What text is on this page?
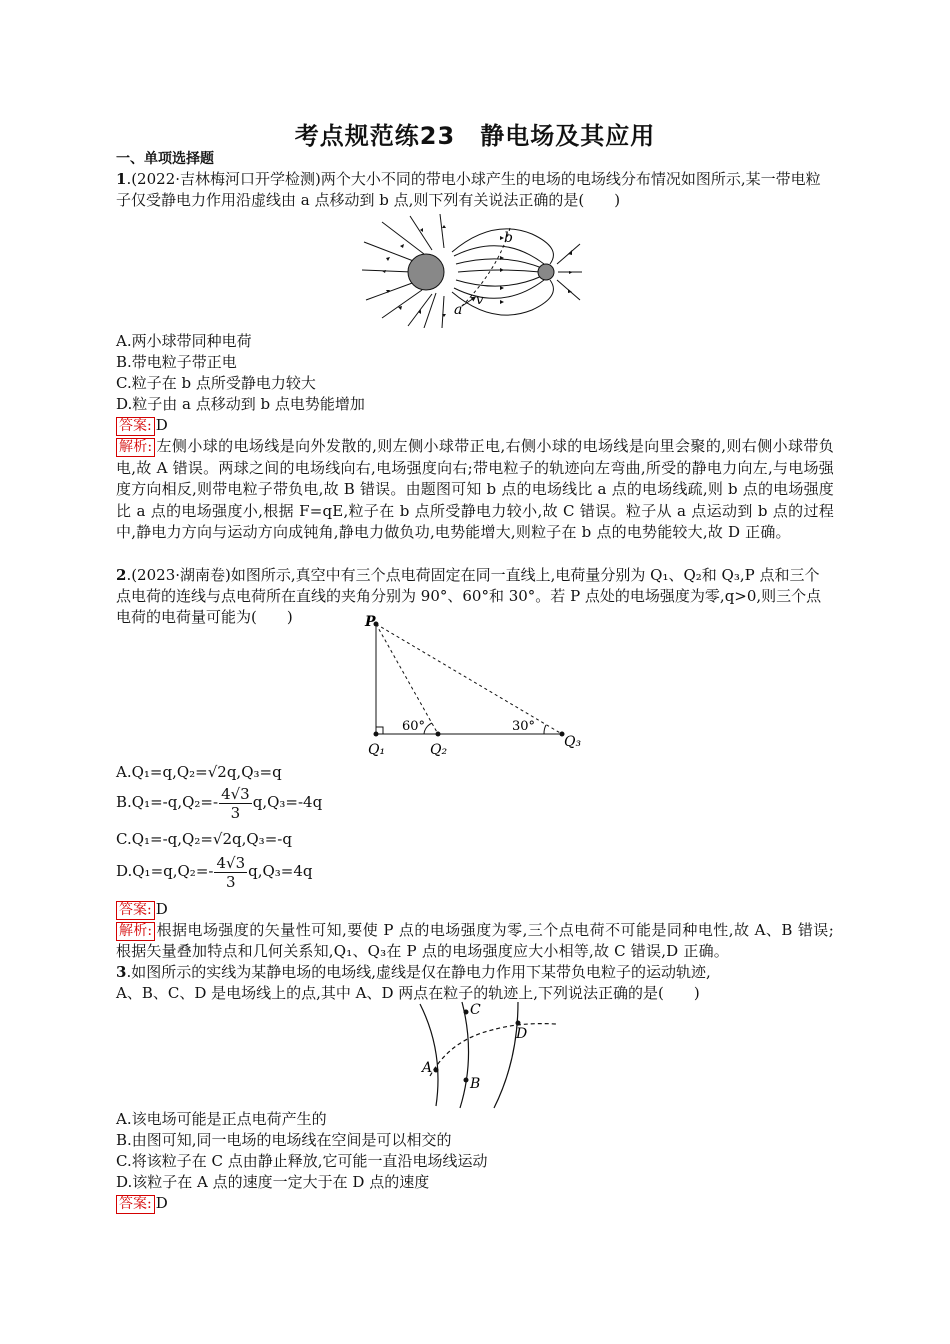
考点规范练23　静电场及其应用
一、单项选择题
1.(2022·吉林梅河口开学检测)两个大小不同的带电小球产生的电场的电场线分布情况如图所示,某一带电粒子仅受静电力作用沿虚线由 a 点移动到 b 点,则下列有关说法正确的是(　　)
b
a
v
A.两小球带同种电荷
B.带电粒子带正电
C.粒子在 b 点所受静电力较大
D.粒子由 a 点移动到 b 点电势能增加
答案: D
解析: 左侧小球的电场线是向外发散的,则左侧小球带正电,右侧小球的电场线是向里会聚的,则右侧小球带负电,故 A 错误。两球之间的电场线向右,电场强度向右;带电粒子的轨迹向左弯曲,所受的静电力向左,与电场强度方向相反,则带电粒子带负电,故 B 错误。由题图可知 b 点的电场线比 a 点的电场线疏,则 b 点的电场强度比 a 点的电场强度小,根据 F=qE,粒子在 b 点所受静电力较小,故 C 错误。粒子从 a 点运动到 b 点的过程中,静电力方向与运动方向成钝角,静电力做负功,电势能增大,则粒子在 b 点的电势能较大,故 D 正确。
2.(2023·湖南卷)如图所示,真空中有三个点电荷固定在同一直线上,电荷量分别为 Q₁、Q₂和 Q₃,P 点和三个点电荷的连线与点电荷所在直线的夹角分别为 90°、60°和 30°。若 P 点处的电场强度为零,q>0,则三个点电荷的电荷量可能为(　　)	P
60°	30°
Q₁	Q₂	Q₃
A.Q₁=q,Q₂=√2q,Q₃=q
$B.Q_1=-q,Q_2=- \frac{4√3}{3} q,Q_3=-4q$
C.Q₁=-q,Q₂=√2q,Q₃=-q
$D.Q_1=q,Q_2=- \frac{4√3}{3} q,Q_3=4q$
答案: D
解析: 根据电场强度的矢量性可知,要使 P 点的电场强度为零,三个点电荷不可能是同种电性,故 A、B 错误;根据矢量叠加特点和几何关系知,Q₁、Q₃在 P 点的电场强度应大小相等,故 C 错误,D 正确。
3.如图所示的实线为某静电场的电场线,虚线是仅在静电力作用下某带负电粒子的运动轨迹,
A、B、C、D 是电场线上的点,其中 A、D 两点在粒子的轨迹上,下列说法正确的是(　　)
A
B
C
D
A.该电场可能是正点电荷产生的
B.由图可知,同一电场的电场线在空间是可以相交的
C.将该粒子在 C 点由静止释放,它可能一直沿电场线运动
D.该粒子在 A 点的速度一定大于在 D 点的速度
答案: D
